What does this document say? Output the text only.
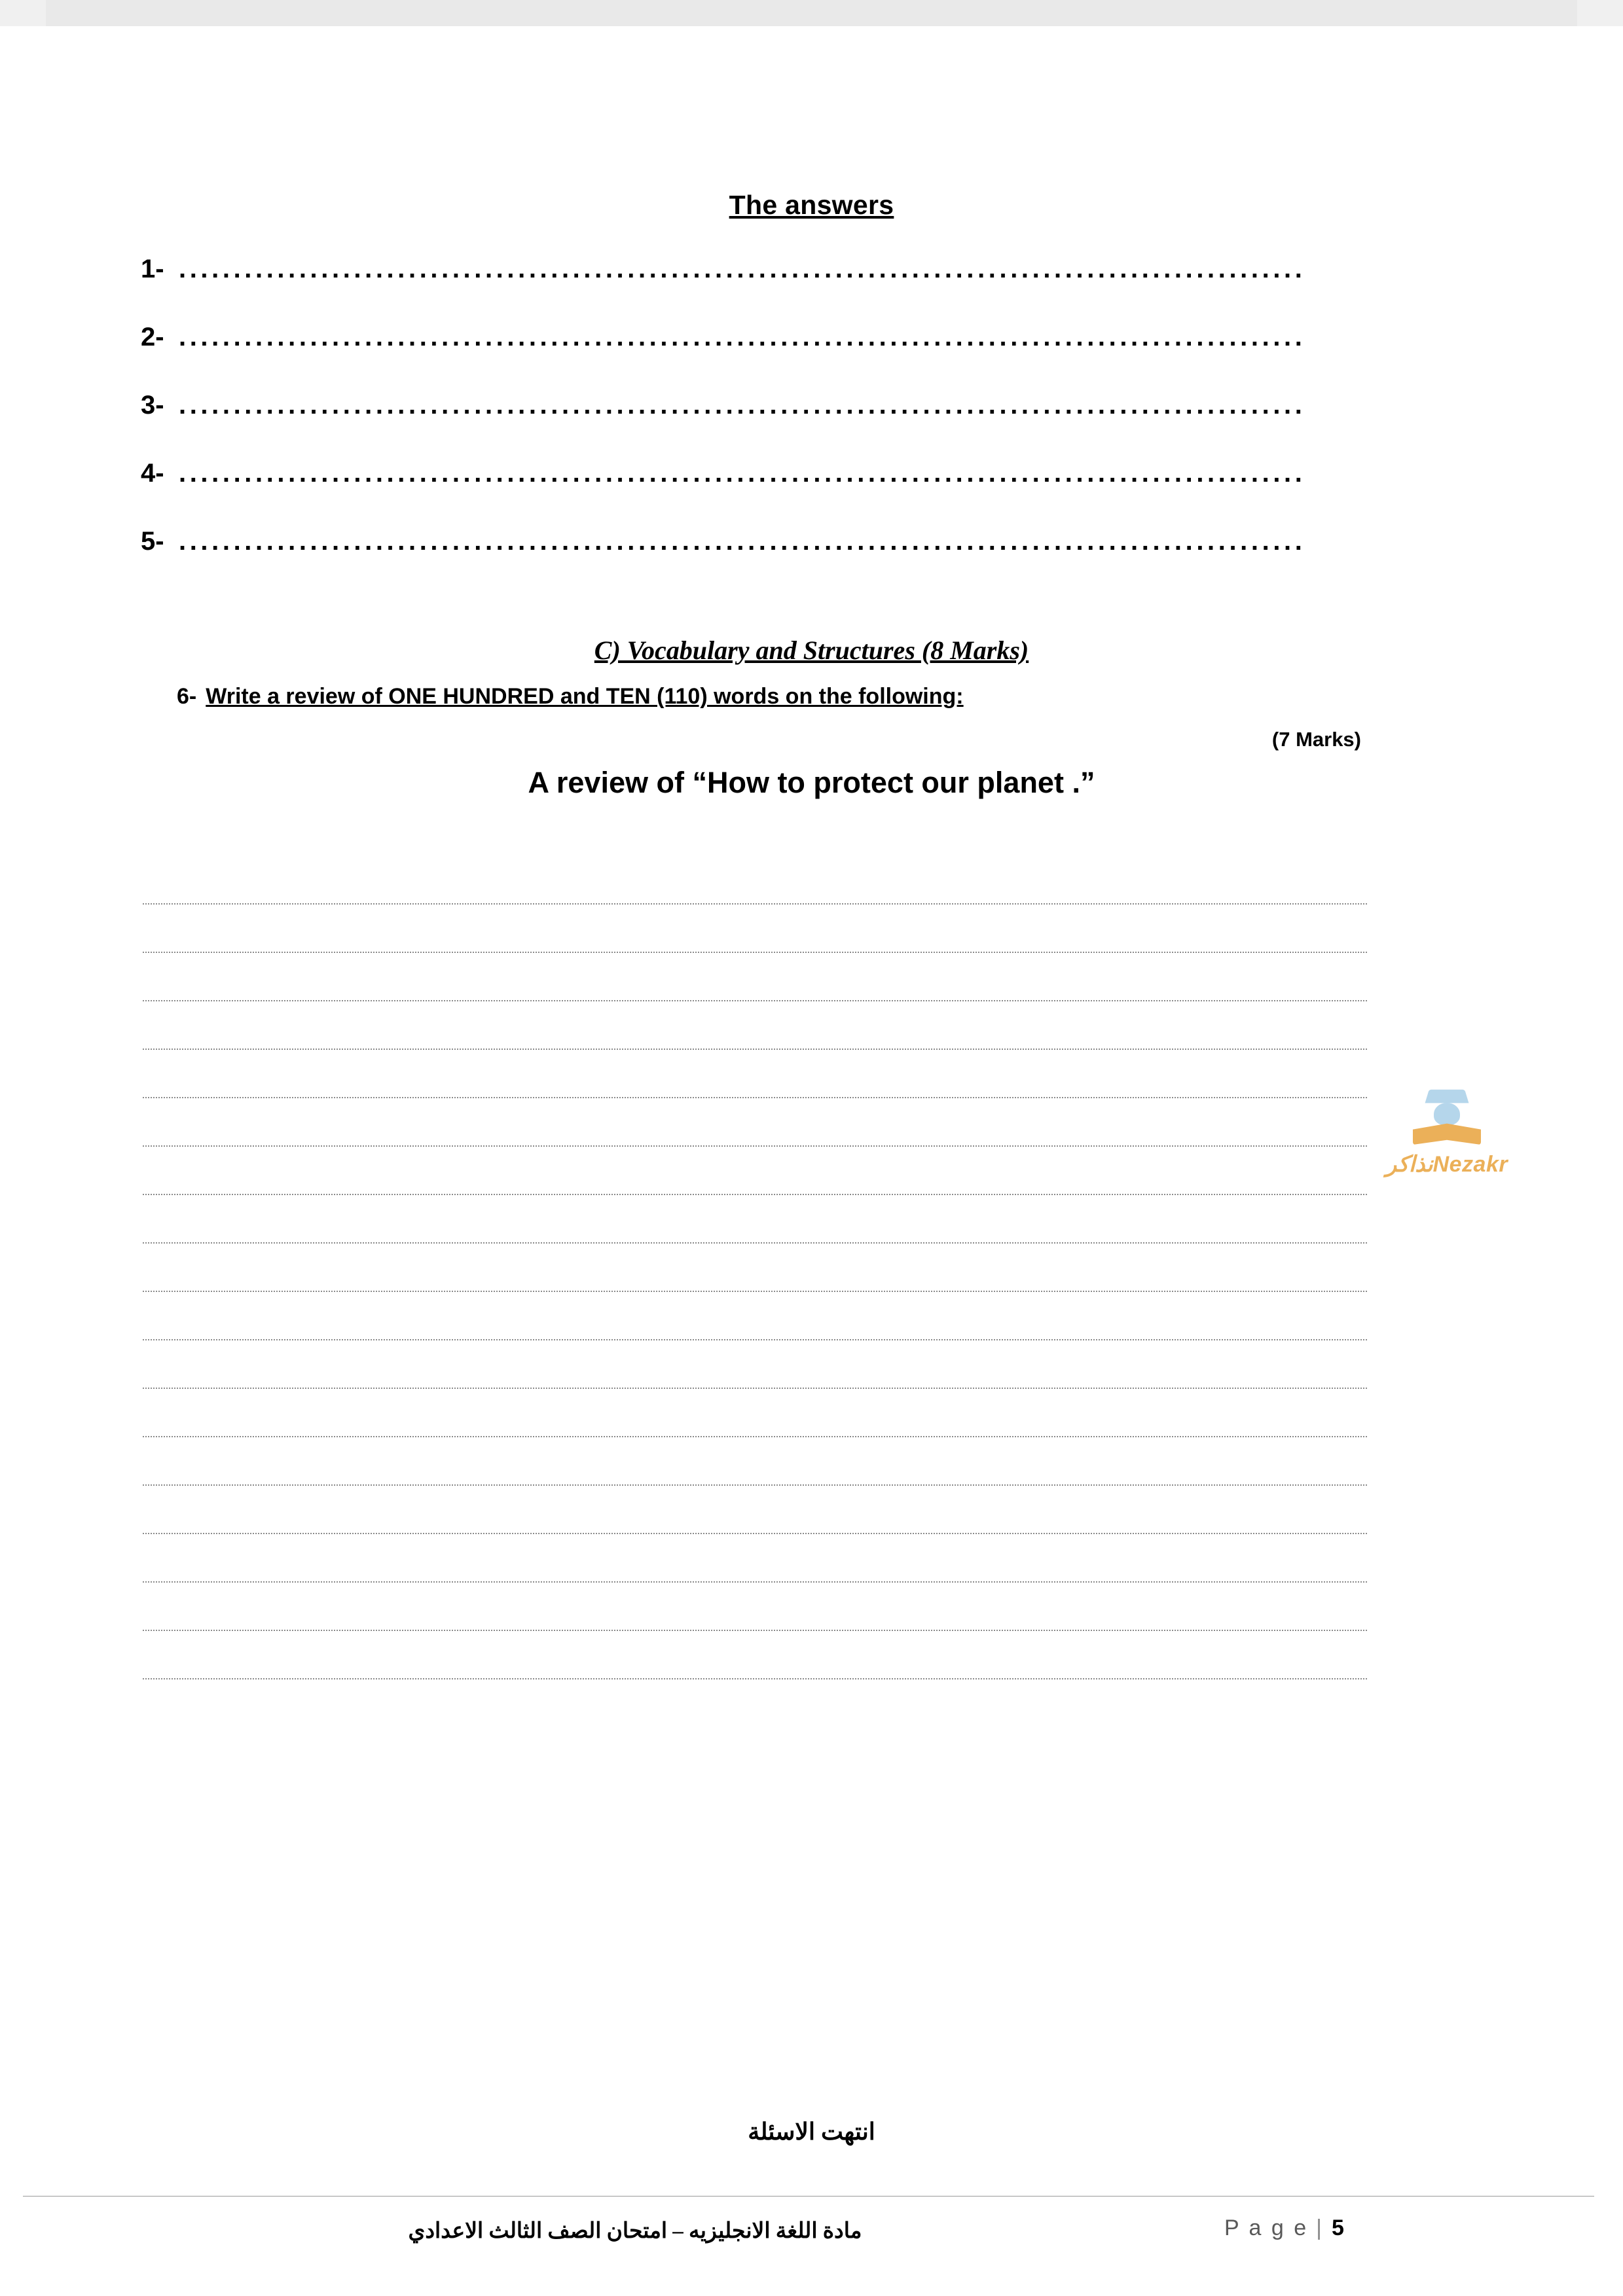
The answers
1- .......................................................................................................
2- .......................................................................................................
3- .......................................................................................................
4- .......................................................................................................
5- .......................................................................................................
C) Vocabulary and Structures (8 Marks)
6- Write a review of ONE HUNDRED and TEN (110) words on the following:
(7 Marks)
A review of “How to protect our planet .”
نذاكرNezakr
انتهت الاسئلة
مادة اللغة الانجليزيه – امتحان الصف الثالث الاعدادي	P a g e | 5
